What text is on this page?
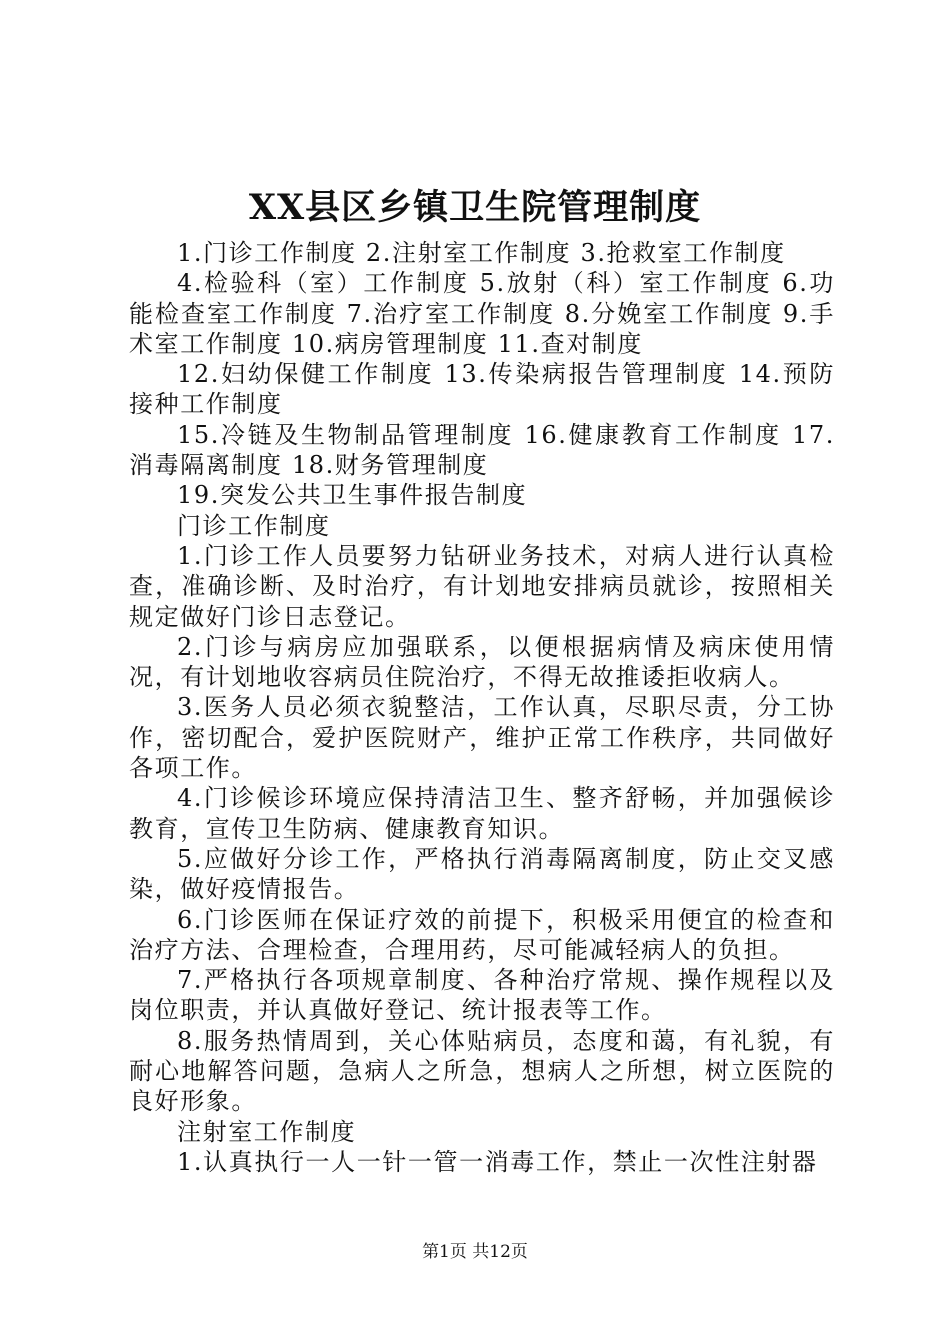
XX县区乡镇卫生院管理制度

1.门诊工作制度 2.注射室工作制度 3.抢救室工作制度

4.检验科（室）工作制度 5.放射（科）室工作制度 6.功能检查室工作制度 7.治疗室工作制度 8.分娩室工作制度 9.手术室工作制度 10.病房管理制度 11.查对制度

12.妇幼保健工作制度 13.传染病报告管理制度 14.预防接种工作制度

15.冷链及生物制品管理制度 16.健康教育工作制度 17.消毒隔离制度 18.财务管理制度

19.突发公共卫生事件报告制度

门诊工作制度

1.门诊工作人员要努力钻研业务技术，对病人进行认真检查，准确诊断、及时治疗，有计划地安排病员就诊，按照相关规定做好门诊日志登记。

2.门诊与病房应加强联系，以便根据病情及病床使用情况，有计划地收容病员住院治疗，不得无故推诿拒收病人。

3.医务人员必须衣貌整洁，工作认真，尽职尽责，分工协作，密切配合，爱护医院财产，维护正常工作秩序，共同做好各项工作。

4.门诊候诊环境应保持清洁卫生、整齐舒畅，并加强候诊教育，宣传卫生防病、健康教育知识。

5.应做好分诊工作，严格执行消毒隔离制度，防止交叉感染，做好疫情报告。

6.门诊医师在保证疗效的前提下，积极采用便宜的检查和治疗方法、合理检查，合理用药，尽可能减轻病人的负担。

7.严格执行各项规章制度、各种治疗常规、操作规程以及岗位职责，并认真做好登记、统计报表等工作。

8.服务热情周到，关心体贴病员，态度和蔼，有礼貌，有耐心地解答问题，急病人之所急，想病人之所想，树立医院的良好形象。

注射室工作制度

1.认真执行一人一针一管一消毒工作，禁止一次性注射器

第1页 共12页
